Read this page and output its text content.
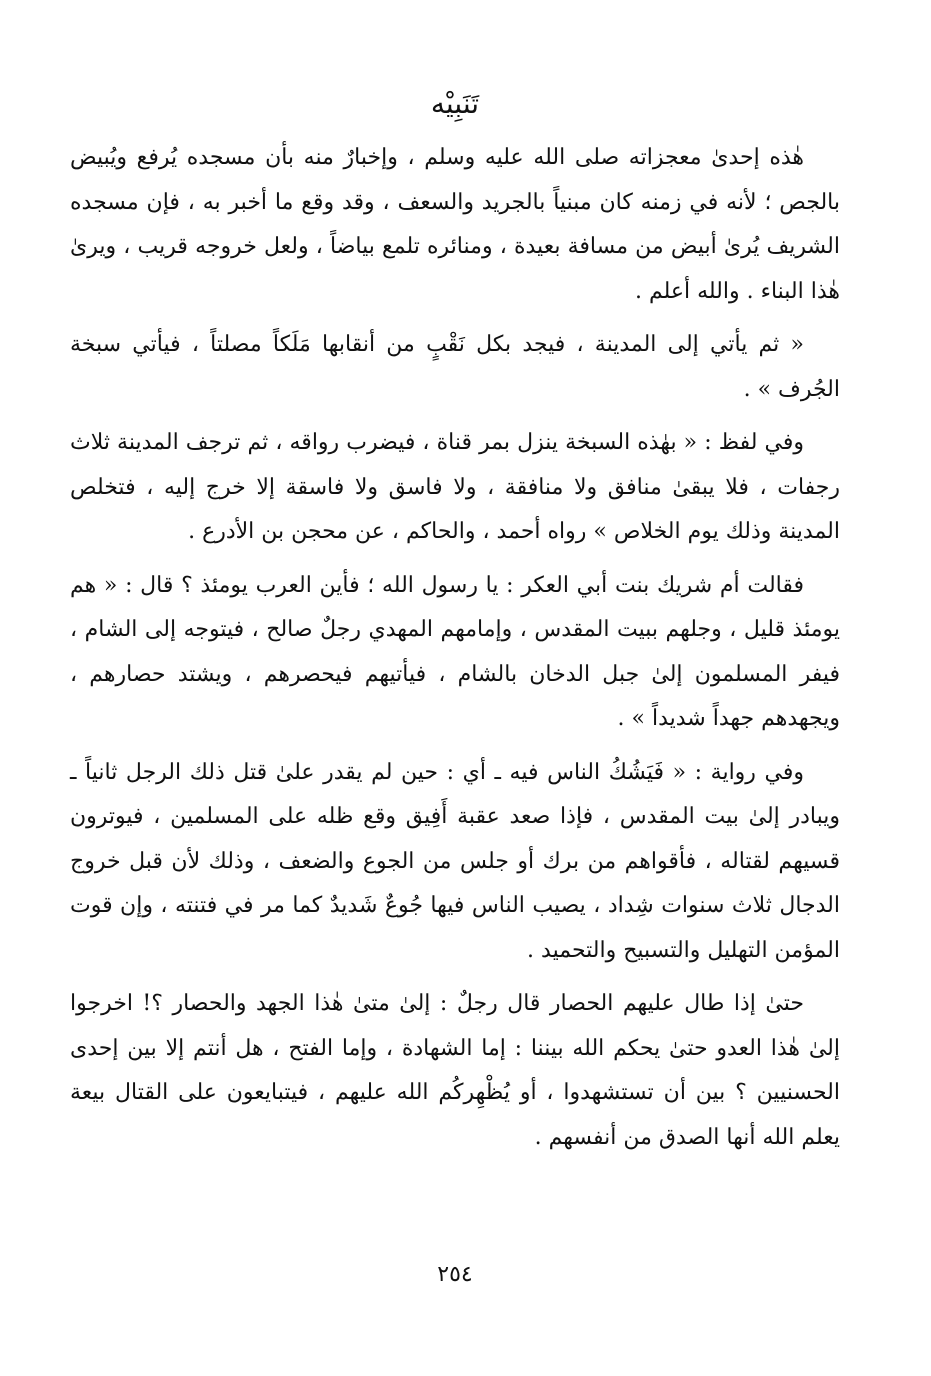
تَنَبِيْه

هٰذه إحدىٰ معجزاته صلى الله عليه وسلم ، وإخبارٌ منه بأن مسجده يُرفع ويُبيض بالجص ؛ لأنه في زمنه كان مبنياً بالجريد والسعف ، وقد وقع ما أخبر به ، فإن مسجده الشريف يُرىٰ أبيض من مسافة بعيدة ، ومنائره تلمع بياضاً ، ولعل خروجه قريب ، ويرىٰ هٰذا البناء . والله أعلم .

« ثم يأتي إلى المدينة ، فيجد بكل نَقْبٍ من أنقابها مَلَكاً مصلتاً ، فيأتي سبخة الجُرف » .

وفي لفظ : « بهٰذه السبخة ينزل بمر قناة ، فيضرب رواقه ، ثم ترجف المدينة ثلاث رجفات ، فلا يبقىٰ منافق ولا منافقة ، ولا فاسق ولا فاسقة إلا خرج إليه ، فتخلص المدينة وذلك يوم الخلاص » رواه أحمد ، والحاكم ، عن محجن بن الأدرع .

فقالت أم شريك بنت أبي العكر : يا رسول الله ؛ فأين العرب يومئذ ؟ قال : « هم يومئذ قليل ، وجلهم ببيت المقدس ، وإمامهم المهدي رجلٌ صالح ، فيتوجه إلى الشام ، فيفر المسلمون إلىٰ جبل الدخان بالشام ، فيأتيهم فيحصرهم ، ويشتد حصارهم ، ويجهدهم جهداً شديداً » .

وفي رواية : « فَيَشُكُ الناس فيه ـ أي : حين لم يقدر علىٰ قتل ذلك الرجل ثانياً ـ ويبادر إلىٰ بيت المقدس ، فإذا صعد عقبة أَفِيق وقع ظله على المسلمين ، فيوترون قسيهم لقتاله ، فأقواهم من برك أو جلس من الجوع والضعف ، وذلك لأن قبل خروج الدجال ثلاث سنوات شِداد ، يصيب الناس فيها جُوعٌ شَديدٌ كما مر في فتنته ، وإن قوت المؤمن التهليل والتسبيح والتحميد .

حتىٰ إذا طال عليهم الحصار قال رجلٌ : إلىٰ متىٰ هٰذا الجهد والحصار ؟! اخرجوا إلىٰ هٰذا العدو حتىٰ يحكم الله بيننا : إما الشهادة ، وإما الفتح ، هل أنتم إلا بين إحدى الحسنيين ؟ بين أن تستشهدوا ، أو يُظْهِركُم الله عليهم ، فيتبايعون على القتال بيعة يعلم الله أنها الصدق من أنفسهم .

٢٥٤
